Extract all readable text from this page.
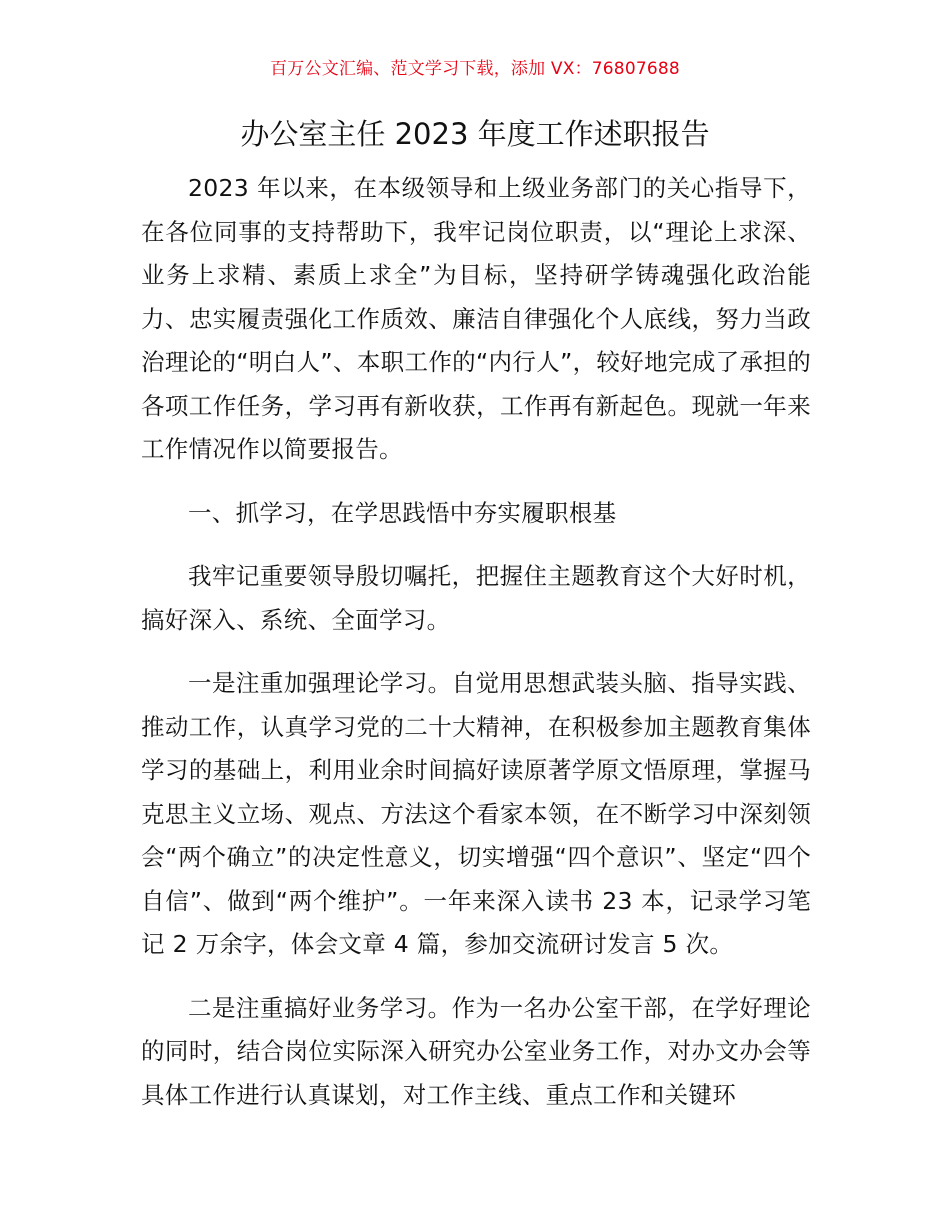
百万公文汇编、范文学习下载，添加 VX：76807688
办公室主任 2023 年度工作述职报告

2023 年以来，在本级领导和上级业务部门的关心指导下，在各位同事的支持帮助下，我牢记岗位职责，以“理论上求深、业务上求精、素质上求全”为目标，坚持研学铸魂强化政治能力、忠实履责强化工作质效、廉洁自律强化个人底线，努力当政治理论的“明白人”、本职工作的“内行人”，较好地完成了承担的各项工作任务，学习再有新收获，工作再有新起色。现就一年来工作情况作以简要报告。

一、抓学习，在学思践悟中夯实履职根基

我牢记重要领导殷切嘱托，把握住主题教育这个大好时机，搞好深入、系统、全面学习。

一是注重加强理论学习。自觉用思想武装头脑、指导实践、推动工作，认真学习党的二十大精神，在积极参加主题教育集体学习的基础上，利用业余时间搞好读原著学原文悟原理，掌握马克思主义立场、观点、方法这个看家本领，在不断学习中深刻领会“两个确立”的决定性意义，切实增强“四个意识”、坚定“四个自信”、做到“两个维护”。一年来深入读书 23 本，记录学习笔记 2 万余字，体会文章 4 篇，参加交流研讨发言 5 次。

二是注重搞好业务学习。作为一名办公室干部，在学好理论的同时，结合岗位实际深入研究办公室业务工作，对办文办会等具体工作进行认真谋划，对工作主线、重点工作和关键环
